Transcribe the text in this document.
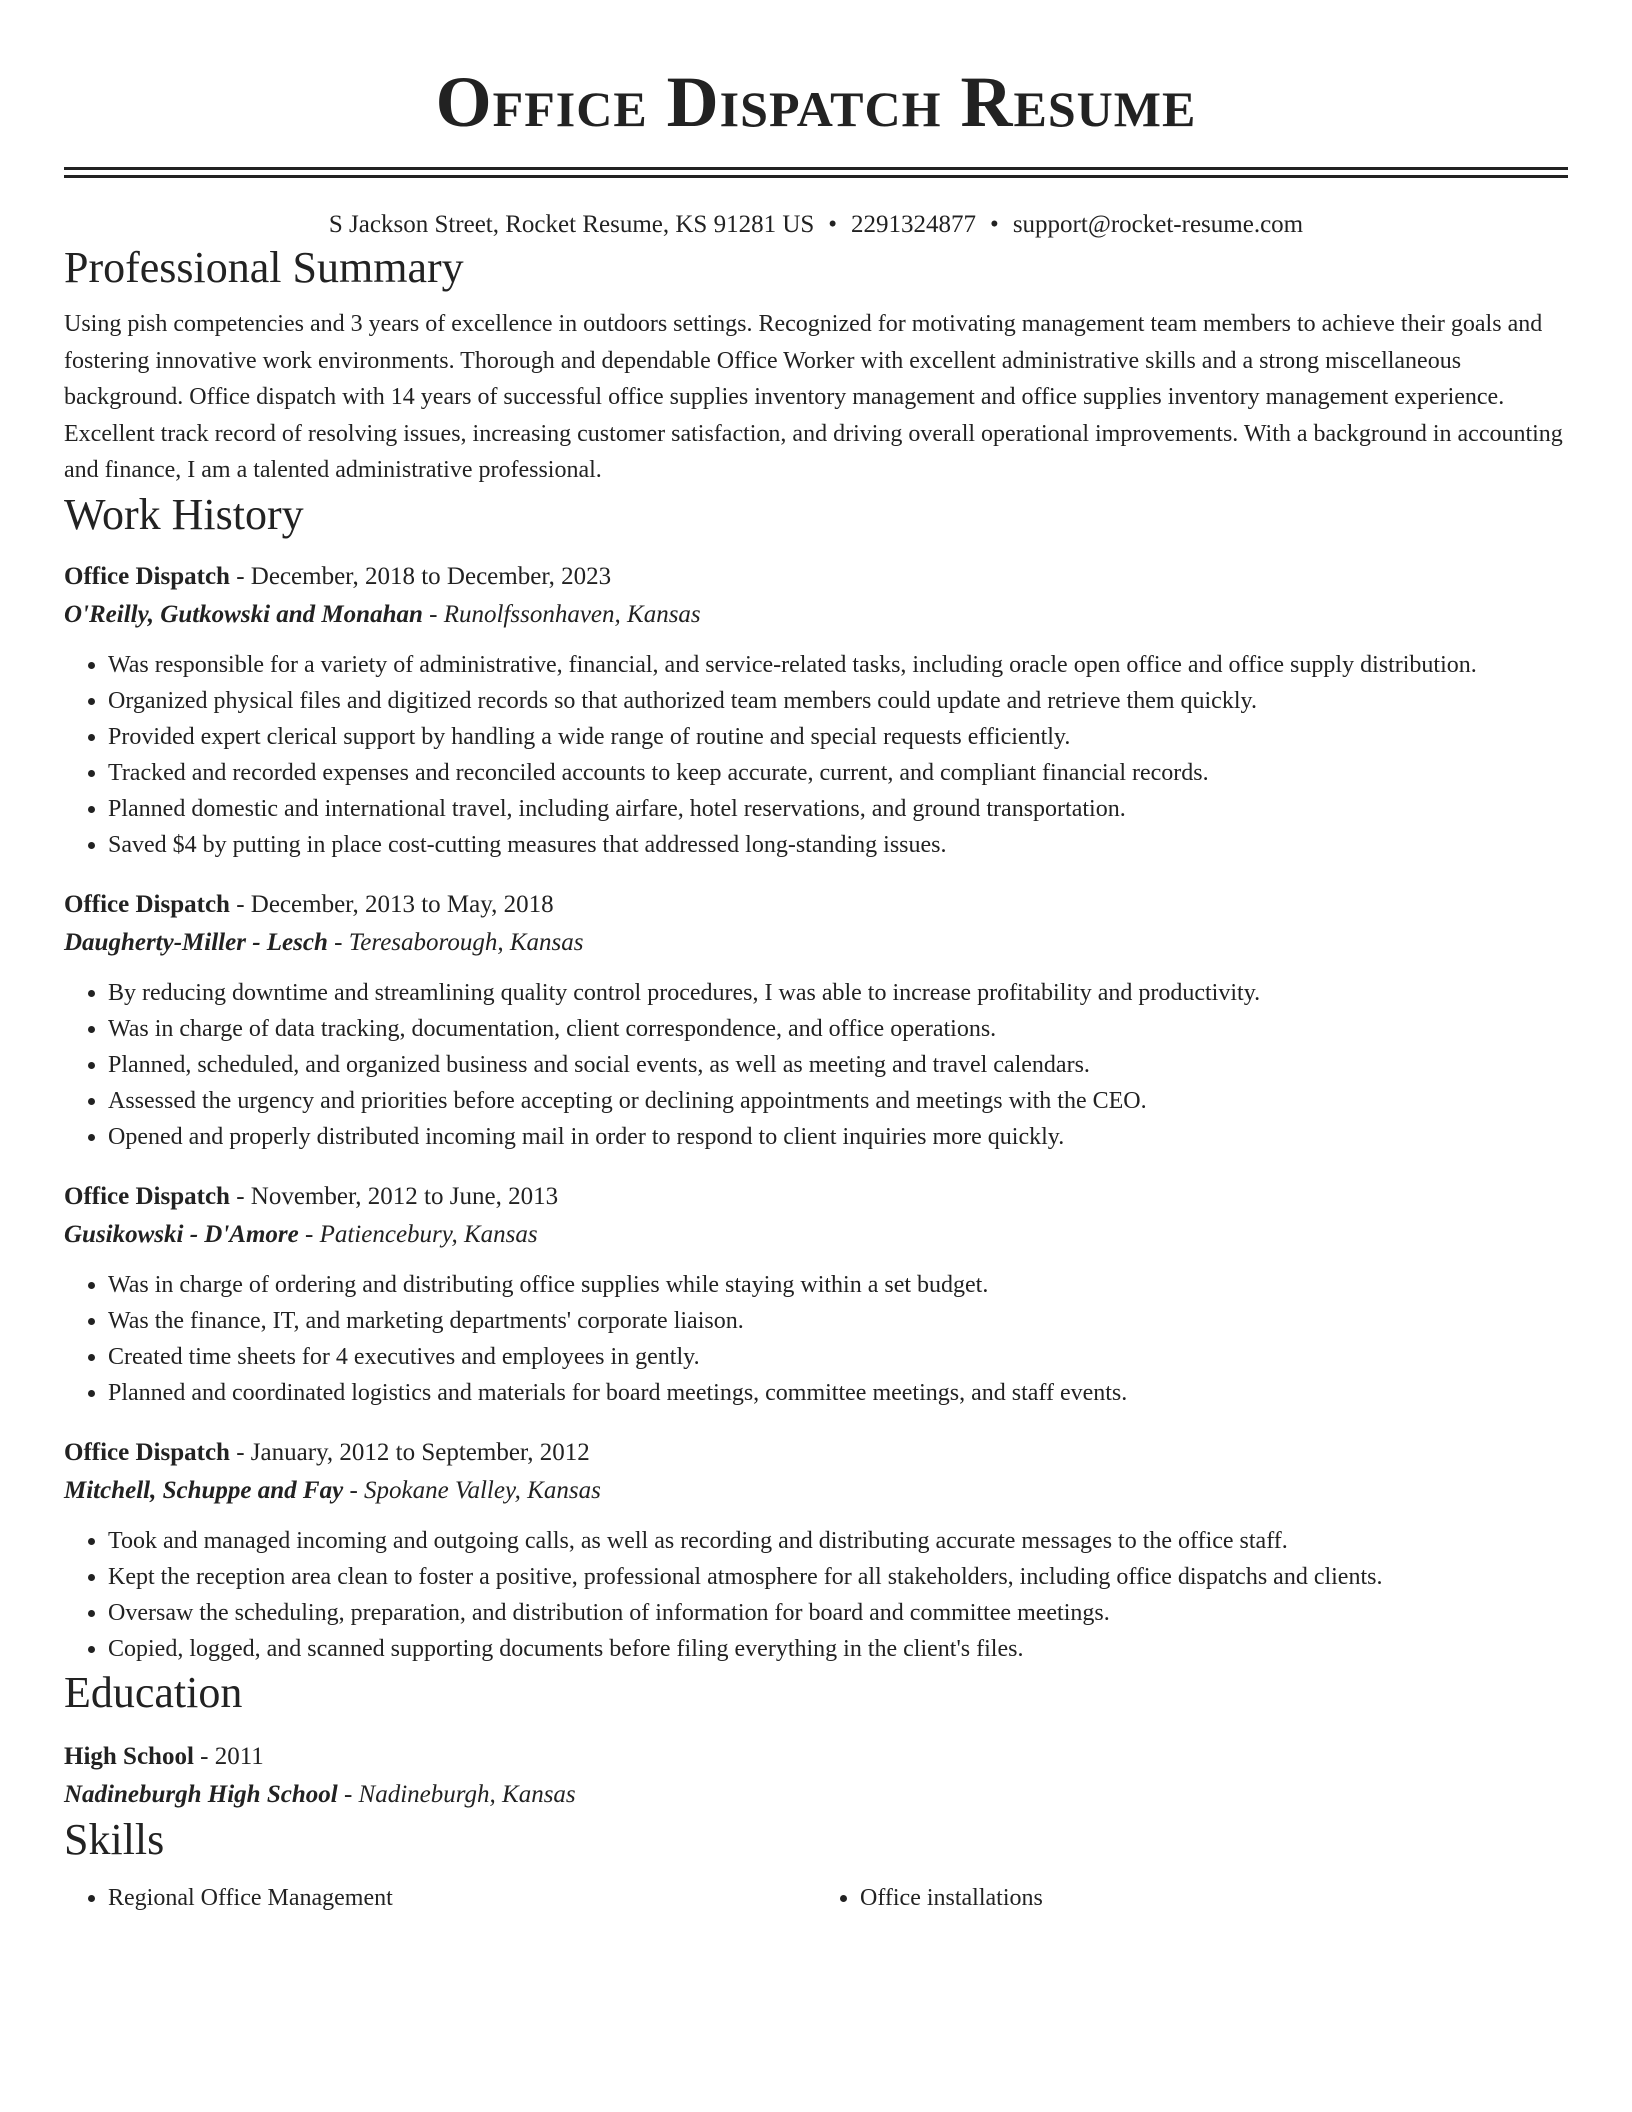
Office Dispatch Resume
S Jackson Street, Rocket Resume, KS 91281 US • 2291324877 • support@rocket-resume.com
Professional Summary

Using pish competencies and 3 years of excellence in outdoors settings. Recognized for motivating management team members to achieve their goals and fostering innovative work environments. Thorough and dependable Office Worker with excellent administrative skills and a strong miscellaneous background. Office dispatch with 14 years of successful office supplies inventory management and office supplies inventory management experience. Excellent track record of resolving issues, increasing customer satisfaction, and driving overall operational improvements. With a background in accounting and finance, I am a talented administrative professional.

Work History
Office Dispatch - December, 2018 to December, 2023
O'Reilly, Gutkowski and Monahan - Runolfssonhaven, Kansas
• Was responsible for a variety of administrative, financial, and service-related tasks, including oracle open office and office supply distribution.
• Organized physical files and digitized records so that authorized team members could update and retrieve them quickly.
• Provided expert clerical support by handling a wide range of routine and special requests efficiently.
• Tracked and recorded expenses and reconciled accounts to keep accurate, current, and compliant financial records.
• Planned domestic and international travel, including airfare, hotel reservations, and ground transportation.
• Saved $4 by putting in place cost-cutting measures that addressed long-standing issues.
Office Dispatch - December, 2013 to May, 2018
Daugherty-Miller - Lesch - Teresaborough, Kansas
• By reducing downtime and streamlining quality control procedures, I was able to increase profitability and productivity.
• Was in charge of data tracking, documentation, client correspondence, and office operations.
• Planned, scheduled, and organized business and social events, as well as meeting and travel calendars.
• Assessed the urgency and priorities before accepting or declining appointments and meetings with the CEO.
• Opened and properly distributed incoming mail in order to respond to client inquiries more quickly.
Office Dispatch - November, 2012 to June, 2013
Gusikowski - D'Amore - Patiencebury, Kansas
• Was in charge of ordering and distributing office supplies while staying within a set budget.
• Was the finance, IT, and marketing departments' corporate liaison.
• Created time sheets for 4 executives and employees in gently.
• Planned and coordinated logistics and materials for board meetings, committee meetings, and staff events.
Office Dispatch - January, 2012 to September, 2012
Mitchell, Schuppe and Fay - Spokane Valley, Kansas
• Took and managed incoming and outgoing calls, as well as recording and distributing accurate messages to the office staff.
• Kept the reception area clean to foster a positive, professional atmosphere for all stakeholders, including office dispatchs and clients.
• Oversaw the scheduling, preparation, and distribution of information for board and committee meetings.
• Copied, logged, and scanned supporting documents before filing everything in the client's files.
Education
High School - 2011
Nadineburgh High School - Nadineburgh, Kansas
Skills
• Regional Office Management
•	Office installations
